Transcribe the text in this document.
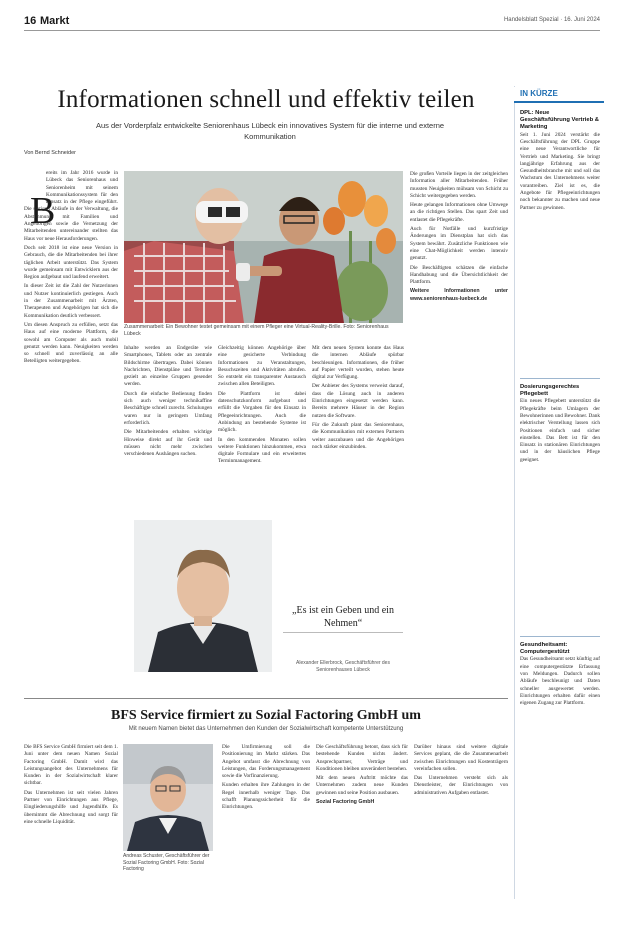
16 Markt	Handelsblatt Spezial · 16. Juni 2024
Informationen schnell und effektiv teilen
Aus der Vorderpfalz entwickelte Seniorenhaus Lübeck ein innovatives System für die interne und externe Kommunikation
Von Bernd Schneider
B

ereits im Jahr 2016 wurde in Lübeck das Seniorenhaus und Seniorenheim mit seinem Kommunikationssystem für den Einsatz in der Pflege eingeführt. Die stetigen Abläufe in der Verwaltung, die Abstimmung mit Familien und Angehörigen sowie die Vernetzung der Mitarbeitenden untereinander stellten das Haus vor neue Herausforderungen.

Doch seit 2018 ist eine neue Version in Gebrauch, die die Mitarbeitenden bei ihrer täglichen Arbeit unterstützt. Das System wurde gemeinsam mit Entwicklern aus der Region aufgebaut und laufend erweitert.

In dieser Zeit ist die Zahl der Nutzerinnen und Nutzer kontinuierlich gestiegen. Auch in der Zusammenarbeit mit Ärzten, Therapeuten und Angehörigen hat sich die Kommunikation deutlich verbessert.

Um diesen Anspruch zu erfüllen, setzt das Haus auf eine moderne Plattform, die sowohl am Computer als auch mobil genutzt werden kann. Neuigkeiten werden so schnell und zuverlässig an alle Beteiligten weitergegeben.

Zusammenarbeit: Ein Bewohner testet gemeinsam mit einem Pfleger eine Virtual-Reality-Brille. Foto: Seniorenhaus Lübeck

Inhalte werden an Endgeräte wie Smartphones, Tablets oder an zentrale Bildschirme übertragen. Dabei können Nachrichten, Dienstpläne und Termine gezielt an einzelne Gruppen gesendet werden.

Durch die einfache Bedienung finden sich auch weniger technikaffine Beschäftigte schnell zurecht. Schulungen waren nur in geringem Umfang erforderlich.

Die Mitarbeitenden erhalten wichtige Hinweise direkt auf ihr Gerät und müssen nicht mehr zwischen verschiedenen Aushängen suchen.

Gleichzeitig können Angehörige über eine gesicherte Verbindung Informationen zu Veranstaltungen, Besuchszeiten und Aktivitäten abrufen. So entsteht ein transparenter Austausch zwischen allen Beteiligten.

Die Plattform ist dabei datenschutzkonform aufgebaut und erfüllt die Vorgaben für den Einsatz in Pflegeeinrichtungen. Auch die Anbindung an bestehende Systeme ist möglich.

In den kommenden Monaten sollen weitere Funktionen hinzukommen, etwa digitale Formulare und ein erweitertes Terminmanagement.

Mit dem neuen System konnte das Haus die internen Abläufe spürbar beschleunigen. Informationen, die früher auf Papier verteilt wurden, stehen heute digital zur Verfügung.

Der Anbieter des Systems verweist darauf, dass die Lösung auch in anderen Einrichtungen eingesetzt werden kann. Bereits mehrere Häuser in der Region nutzen die Software.

Für die Zukunft plant das Seniorenhaus, die Kommunikation mit externen Partnern weiter auszubauen und die Angehörigen noch stärker einzubinden.

Die großen Vorteile liegen in der zeitgleichen Information aller Mitarbeitenden. Früher mussten Neuigkeiten mühsam von Schicht zu Schicht weitergegeben werden.

Heute gelangen Informationen ohne Umwege an die richtigen Stellen. Das spart Zeit und entlastet die Pflegekräfte.

Auch für Notfälle und kurzfristige Änderungen im Dienstplan hat sich das System bewährt. Zusätzliche Funktionen wie eine Chat-Möglichkeit werden intensiv genutzt.

Die Beschäftigten schätzen die einfache Handhabung und die Übersichtlichkeit der Plattform.

Weitere Informationen unter www.seniorenhaus-luebeck.de

„Es ist ein Geben und ein Nehmen“
Alexander Ellerbrock, Geschäftsführer des Seniorenhauses Lübeck
BFS Service firmiert zu Sozial Factoring GmbH um
Mit neuem Namen bietet das Unternehmen den Kunden der Sozialwirtschaft kompetente Unterstützung

Die BFS Service GmbH firmiert seit dem 1. Juni unter dem neuen Namen Sozial Factoring GmbH. Damit wird das Leistungsangebot des Unternehmens für Kunden in der Sozialwirtschaft klarer sichtbar.

Das Unternehmen ist seit vielen Jahren Partner von Einrichtungen aus Pflege, Eingliederungshilfe und Jugendhilfe. Es übernimmt die Abrechnung und sorgt für eine schnelle Liquidität.

Andreas Schuster, Geschäftsführer der Sozial Factoring GmbH. Foto: Sozial Factoring

Die Umfirmierung soll die Positionierung im Markt stärken. Das Angebot umfasst die Abrechnung von Leistungen, das Forderungsmanagement sowie die Vorfinanzierung.

Kunden erhalten ihre Zahlungen in der Regel innerhalb weniger Tage. Das schafft Planungssicherheit für die Einrichtungen.

Die Geschäftsführung betont, dass sich für bestehende Kunden nichts ändert. Ansprechpartner, Verträge und Konditionen bleiben unverändert bestehen.

Mit dem neuen Auftritt möchte das Unternehmen zudem neue Kunden gewinnen und seine Position ausbauen.

Sozial Factoring GmbH

Darüber hinaus sind weitere digitale Services geplant, die die Zusammenarbeit zwischen Einrichtungen und Kostenträgern vereinfachen sollen.

Das Unternehmen versteht sich als Dienstleister, der Einrichtungen von administrativen Aufgaben entlastet.

IN KÜRZE
DPL: Neue Geschäftsführung Vertrieb & Marketing
Seit 1. Juni 2024 verstärkt die Geschäftsführung der DPL Gruppe eine neue Verantwortliche für Vertrieb und Marketing. Sie bringt langjährige Erfahrung aus der Gesundheitsbranche mit und soll das Wachstum des Unternehmens weiter vorantreiben. Ziel ist es, die Angebote für Pflegeeinrichtungen noch bekannter zu machen und neue Partner zu gewinnen.
Dosierungsgerechtes Pflegebett
Ein neues Pflegebett unterstützt die Pflegekräfte beim Umlagern der Bewohnerinnen und Bewohner. Dank elektrischer Verstellung lassen sich Positionen einfach und sicher einstellen. Das Bett ist für den Einsatz in stationären Einrichtungen und in der häuslichen Pflege geeignet.
Gesundheitsamt: Computergestützt
Das Gesundheitsamt setzt künftig auf eine computergestützte Erfassung von Meldungen. Dadurch sollen Abläufe beschleunigt und Daten schneller ausgewertet werden. Einrichtungen erhalten dafür einen eigenen Zugang zur Plattform.
